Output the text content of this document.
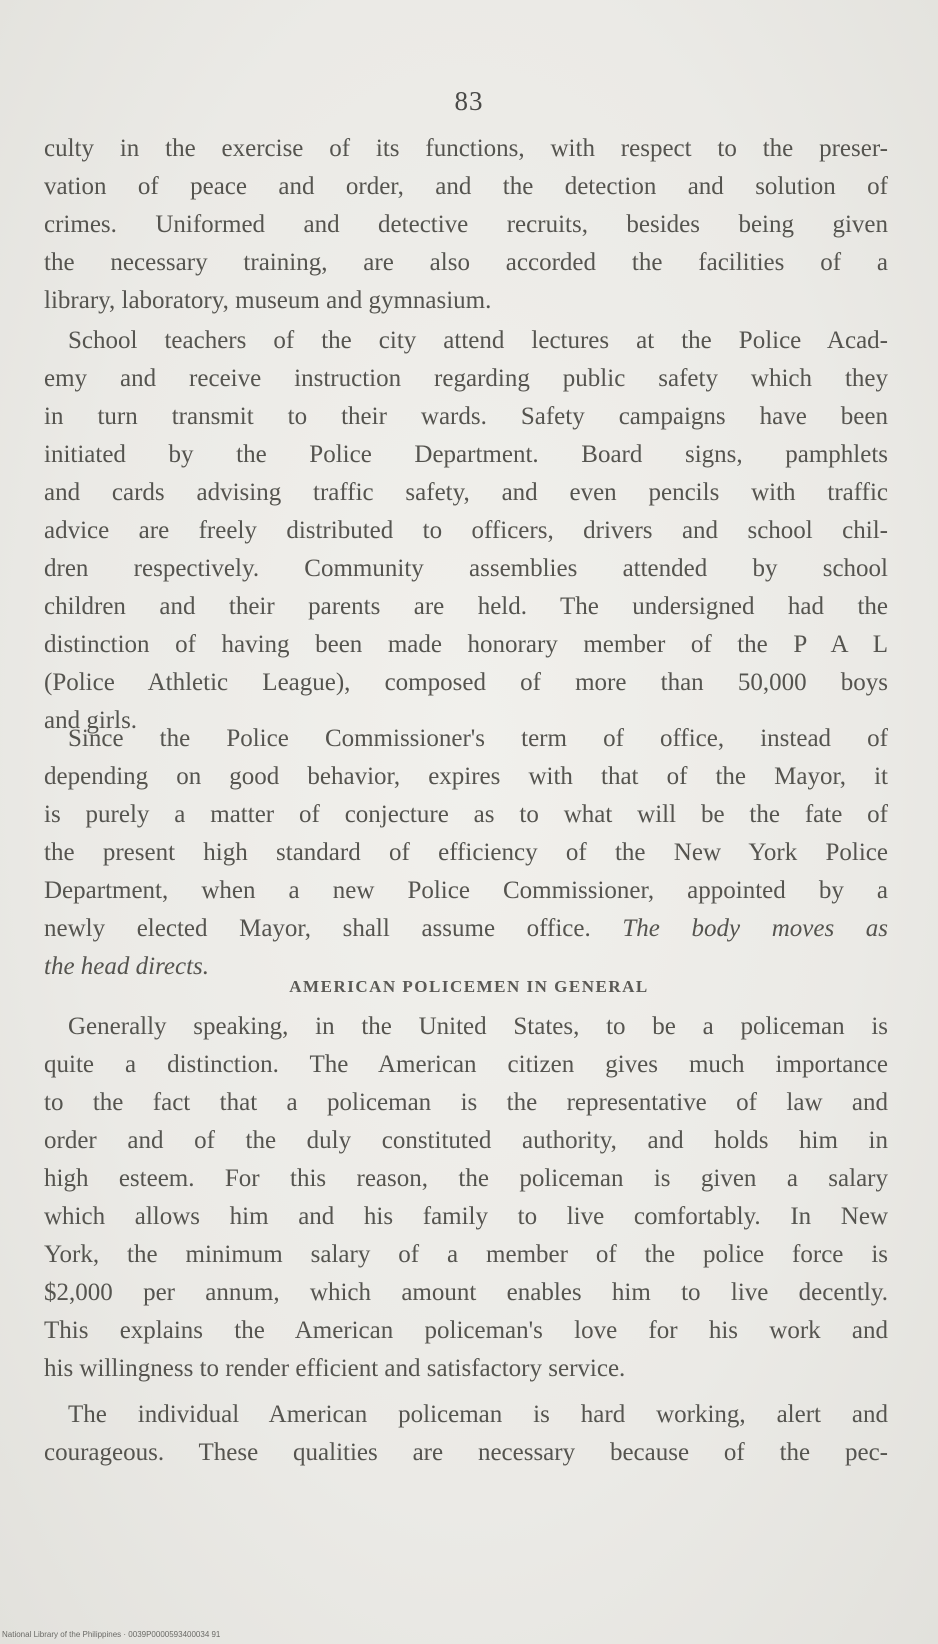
83
culty in the exercise of its functions, with respect to the preser-
vation of peace and order, and the detection and solution of
crimes. Uniformed and detective recruits, besides being given
the necessary training, are also accorded the facilities of a
library, laboratory, museum and gymnasium.
School teachers of the city attend lectures at the Police Acad-
emy and receive instruction regarding public safety which they
in turn transmit to their wards. Safety campaigns have been
initiated by the Police Department. Board signs, pamphlets
and cards advising traffic safety, and even pencils with traffic
advice are freely distributed to officers, drivers and school chil-
dren respectively. Community assemblies attended by school
children and their parents are held. The undersigned had the
distinction of having been made honorary member of the P A L
(Police Athletic League), composed of more than 50,000 boys
and girls.
Since the Police Commissioner's term of office, instead of
depending on good behavior, expires with that of the Mayor, it
is purely a matter of conjecture as to what will be the fate of
the present high standard of efficiency of the New York Police
Department, when a new Police Commissioner, appointed by a
newly elected Mayor, shall assume office. The body moves as
the head directs.
AMERICAN POLICEMEN IN GENERAL
Generally speaking, in the United States, to be a policeman is
quite a distinction. The American citizen gives much importance
to the fact that a policeman is the representative of law and
order and of the duly constituted authority, and holds him in
high esteem. For this reason, the policeman is given a salary
which allows him and his family to live comfortably. In New
York, the minimum salary of a member of the police force is
$2,000 per annum, which amount enables him to live decently.
This explains the American policeman's love for his work and
his willingness to render efficient and satisfactory service.
The individual American policeman is hard working, alert and
courageous. These qualities are necessary because of the pec-
National Library of the Philippines · 0039P0000593400034 91
